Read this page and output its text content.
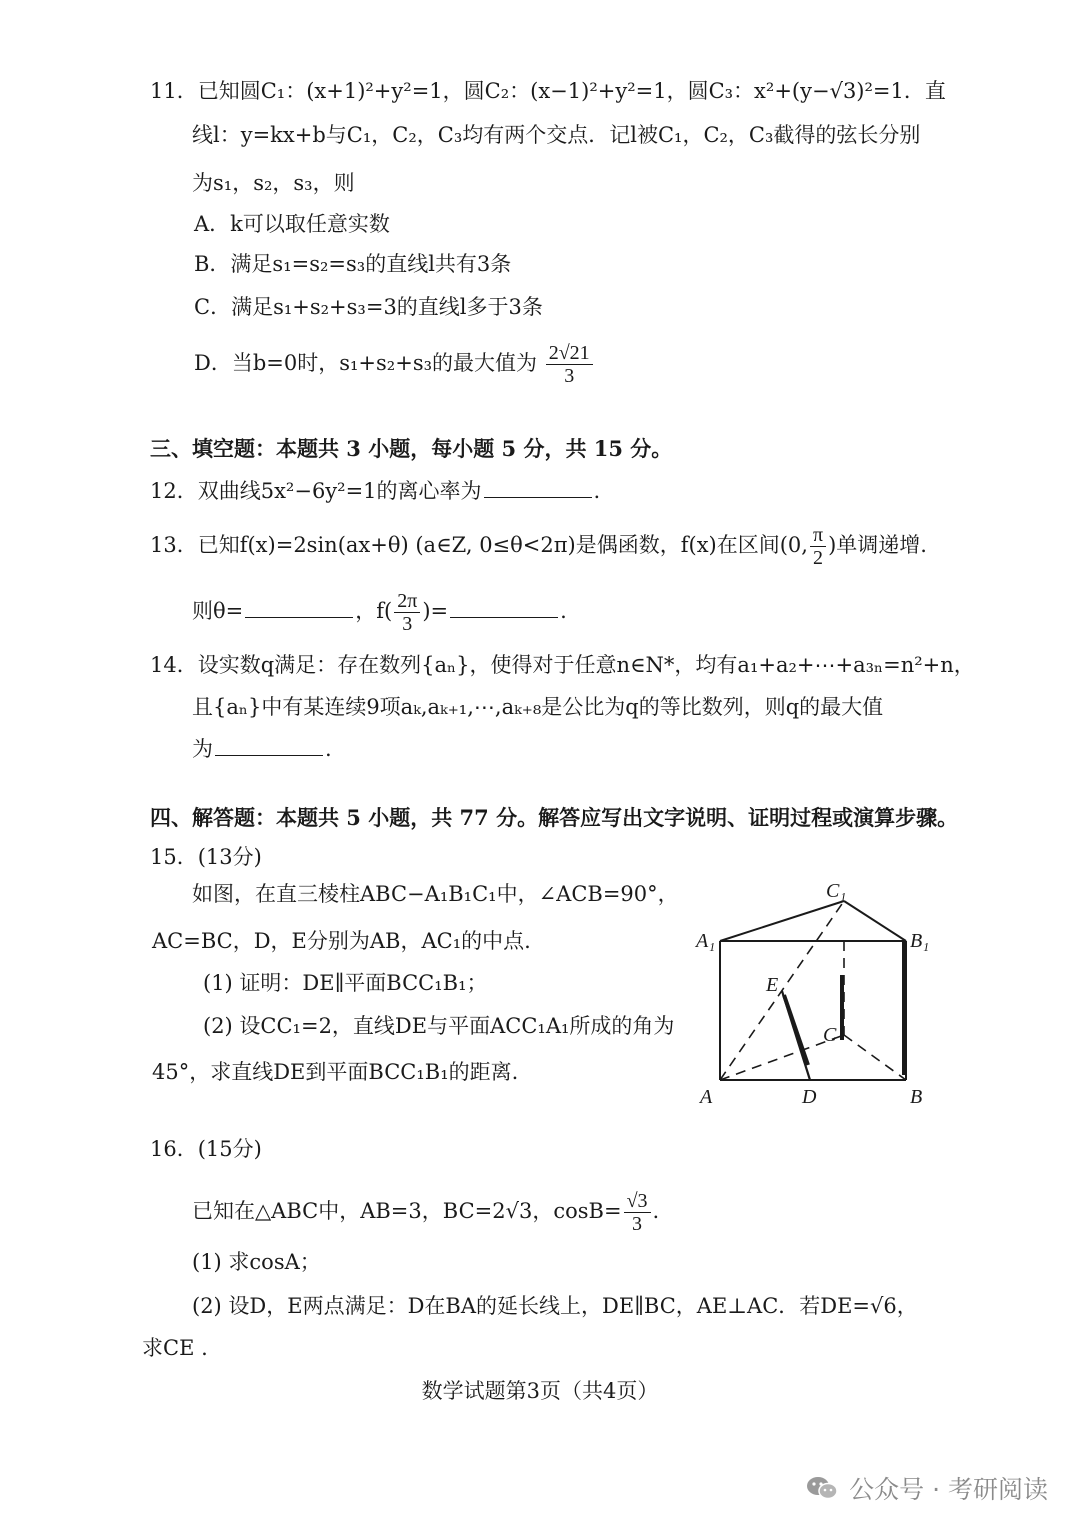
11．已知圆C₁：(x+1)²+y²=1，圆C₂：(x−1)²+y²=1，圆C₃：x²+(y−√3)²=1．直
线l：y=kx+b与C₁，C₂，C₃均有两个交点．记l被C₁，C₂，C₃截得的弦长分别
为s₁，s₂，s₃，则
A．k可以取任意实数
B．满足s₁=s₂=s₃的直线l共有3条
C．满足s₁+s₂+s₃=3的直线l多于3条
D．当b=0时，s₁+s₂+s₃的最大值为 $\frac{2√21}{3}$
三、填空题：本题共 3 小题，每小题 5 分，共 15 分。
12．双曲线5x²−6y²=1的离心率为	.
13．已知f(x)=2sin(ax+θ) (a∈Z, 0≤θ<2π)是偶函数，f(x)在区间(0, $\frac{\pi}{2}$ )单调递增.
则θ=	，$f( \frac{2\pi}{3}$ )=	.
14．设实数q满足：存在数列{aₙ}，使得对于任意n∈N*，均有a₁+a₂+⋯+a₃ₙ=n²+n，
且{aₙ}中有某连续9项aₖ,aₖ₊₁,⋯,aₖ₊₈是公比为q的等比数列，则q的最大值
为	.
四、解答题：本题共 5 小题，共 77 分。解答应写出文字说明、证明过程或演算步骤。
15．(13分)
如图，在直三棱柱ABC−A₁B₁C₁中，∠ACB=90°，
AC=BC，D，E分别为AB，AC₁的中点.
(1) 证明：DE∥平面BCC₁B₁；
(2) 设CC₁=2，直线DE与平面ACC₁A₁所成的角为
45°，求直线DE到平面BCC₁B₁的距离.
C₁
A₁	B₁
E
C
A	D	B
16．(15分)
已知在△ABC中，AB=3，BC=2√3，$\cos B= \frac{√3}{3}$ .
(1) 求cosA；
(2) 设D，E两点满足：D在BA的延长线上，DE∥BC，AE⊥AC．若DE=√6，
求CE .
数学试题第3页（共4页）
公众号 · 考研阅读
